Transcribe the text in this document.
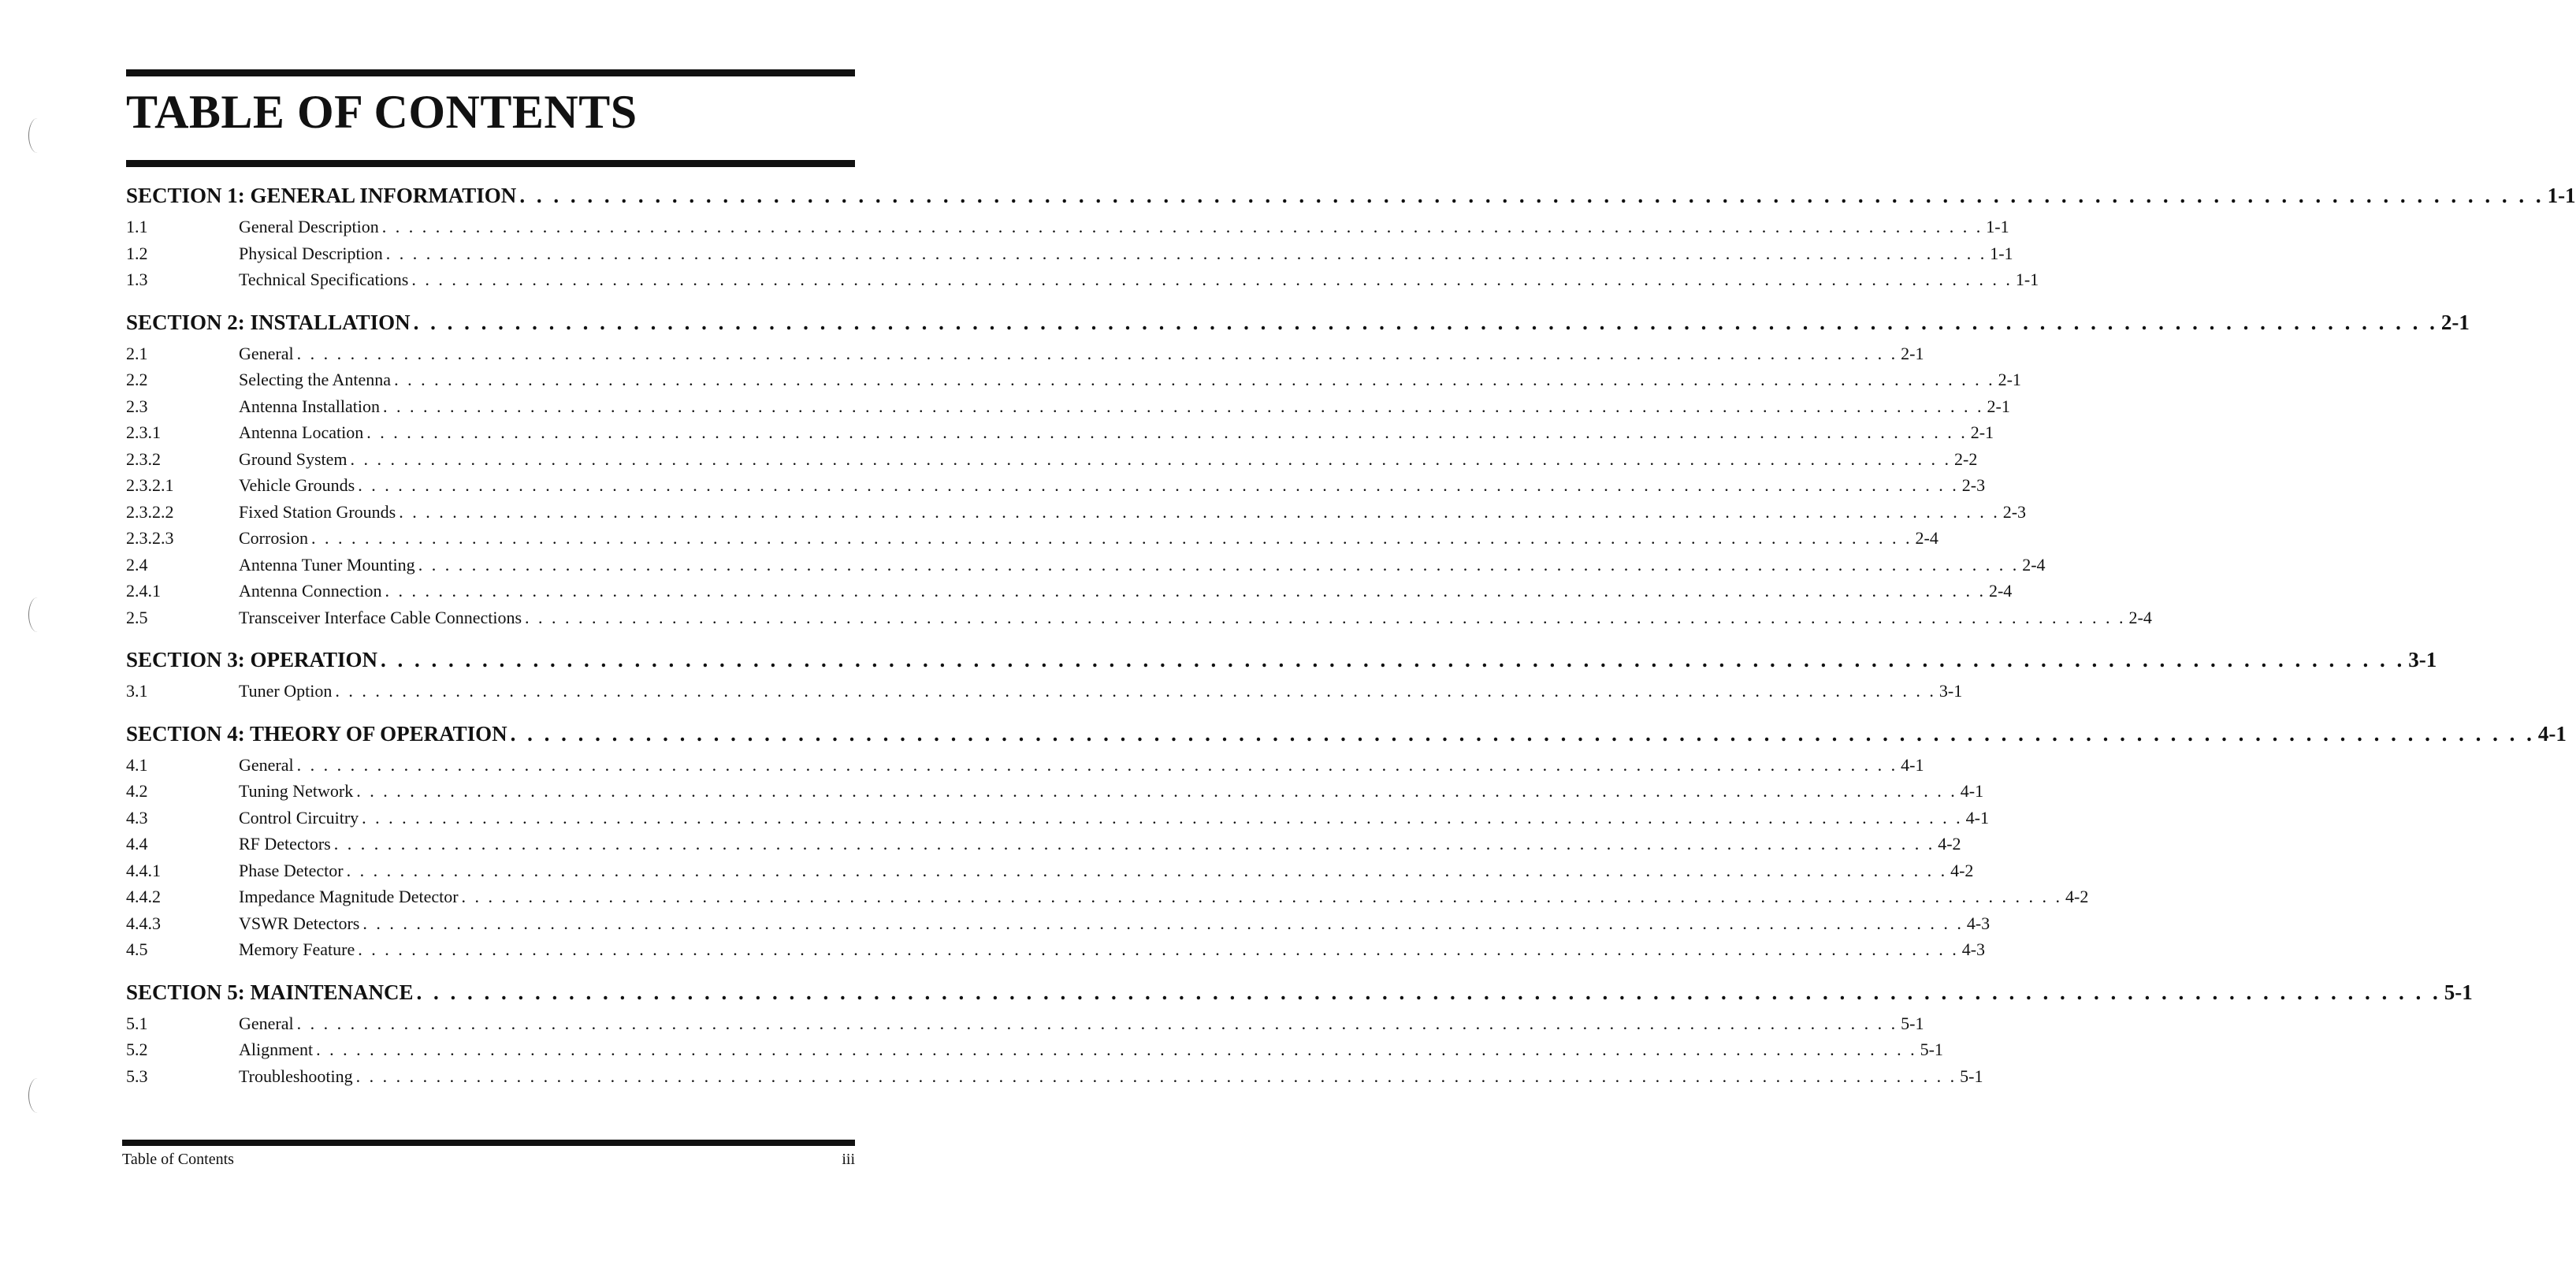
TABLE OF CONTENTS
SECTION 1: GENERAL INFORMATION . . . . . . . . . . . . . . . . . . . . . . . . . . . . . . . . . . . . . . . . . . . . . . . . . . . . . . . . . . . . . . . . . . . . . . . . . . . . . . . . . . . . . . . . . . . . . . . . . . . . . . . . . . . . . . . . . . . . . . . . 1-1
1.1	General Description . . . . . . . . . . . . . . . . . . . . . . . . . . . . . . . . . . . . . . . . . . . . . . . . . . . . . . . . . . . . . . . . . . . . . . . . . . . . . . . . . . . . . . . . . . . . . . . . . . . . . . . . . . . . . . . . . . . . . . . . 1-1
1.2	Physical Description . . . . . . . . . . . . . . . . . . . . . . . . . . . . . . . . . . . . . . . . . . . . . . . . . . . . . . . . . . . . . . . . . . . . . . . . . . . . . . . . . . . . . . . . . . . . . . . . . . . . . . . . . . . . . . . . . . . . . . . . 1-1
1.3	Technical Specifications . . . . . . . . . . . . . . . . . . . . . . . . . . . . . . . . . . . . . . . . . . . . . . . . . . . . . . . . . . . . . . . . . . . . . . . . . . . . . . . . . . . . . . . . . . . . . . . . . . . . . . . . . . . . . . . . . . . . . . . . 1-1
SECTION 2: INSTALLATION . . . . . . . . . . . . . . . . . . . . . . . . . . . . . . . . . . . . . . . . . . . . . . . . . . . . . . . . . . . . . . . . . . . . . . . . . . . . . . . . . . . . . . . . . . . . . . . . . . . . . . . . . . . . . . . . . . . . . . . . 2-1
2.1	General . . . . . . . . . . . . . . . . . . . . . . . . . . . . . . . . . . . . . . . . . . . . . . . . . . . . . . . . . . . . . . . . . . . . . . . . . . . . . . . . . . . . . . . . . . . . . . . . . . . . . . . . . . . . . . . . . . . . . . . . 2-1
2.2	Selecting the Antenna . . . . . . . . . . . . . . . . . . . . . . . . . . . . . . . . . . . . . . . . . . . . . . . . . . . . . . . . . . . . . . . . . . . . . . . . . . . . . . . . . . . . . . . . . . . . . . . . . . . . . . . . . . . . . . . . . . . . . . . . 2-1
2.3	Antenna Installation . . . . . . . . . . . . . . . . . . . . . . . . . . . . . . . . . . . . . . . . . . . . . . . . . . . . . . . . . . . . . . . . . . . . . . . . . . . . . . . . . . . . . . . . . . . . . . . . . . . . . . . . . . . . . . . . . . . . . . . . 2-1
2.3.1	Antenna Location . . . . . . . . . . . . . . . . . . . . . . . . . . . . . . . . . . . . . . . . . . . . . . . . . . . . . . . . . . . . . . . . . . . . . . . . . . . . . . . . . . . . . . . . . . . . . . . . . . . . . . . . . . . . . . . . . . . . . . . . 2-1
2.3.2	Ground System . . . . . . . . . . . . . . . . . . . . . . . . . . . . . . . . . . . . . . . . . . . . . . . . . . . . . . . . . . . . . . . . . . . . . . . . . . . . . . . . . . . . . . . . . . . . . . . . . . . . . . . . . . . . . . . . . . . . . . . . 2-2
2.3.2.1	Vehicle Grounds . . . . . . . . . . . . . . . . . . . . . . . . . . . . . . . . . . . . . . . . . . . . . . . . . . . . . . . . . . . . . . . . . . . . . . . . . . . . . . . . . . . . . . . . . . . . . . . . . . . . . . . . . . . . . . . . . . . . . . . . 2-3
2.3.2.2	Fixed Station Grounds . . . . . . . . . . . . . . . . . . . . . . . . . . . . . . . . . . . . . . . . . . . . . . . . . . . . . . . . . . . . . . . . . . . . . . . . . . . . . . . . . . . . . . . . . . . . . . . . . . . . . . . . . . . . . . . . . . . . . . . . 2-3
2.3.2.3	Corrosion . . . . . . . . . . . . . . . . . . . . . . . . . . . . . . . . . . . . . . . . . . . . . . . . . . . . . . . . . . . . . . . . . . . . . . . . . . . . . . . . . . . . . . . . . . . . . . . . . . . . . . . . . . . . . . . . . . . . . . . . 2-4
2.4	Antenna Tuner Mounting . . . . . . . . . . . . . . . . . . . . . . . . . . . . . . . . . . . . . . . . . . . . . . . . . . . . . . . . . . . . . . . . . . . . . . . . . . . . . . . . . . . . . . . . . . . . . . . . . . . . . . . . . . . . . . . . . . . . . . . . 2-4
2.4.1	Antenna Connection . . . . . . . . . . . . . . . . . . . . . . . . . . . . . . . . . . . . . . . . . . . . . . . . . . . . . . . . . . . . . . . . . . . . . . . . . . . . . . . . . . . . . . . . . . . . . . . . . . . . . . . . . . . . . . . . . . . . . . . . 2-4
2.5	Transceiver Interface Cable Connections . . . . . . . . . . . . . . . . . . . . . . . . . . . . . . . . . . . . . . . . . . . . . . . . . . . . . . . . . . . . . . . . . . . . . . . . . . . . . . . . . . . . . . . . . . . . . . . . . . . . . . . . . . . . . . . . . . . . . . . . 2-4
SECTION 3: OPERATION . . . . . . . . . . . . . . . . . . . . . . . . . . . . . . . . . . . . . . . . . . . . . . . . . . . . . . . . . . . . . . . . . . . . . . . . . . . . . . . . . . . . . . . . . . . . . . . . . . . . . . . . . . . . . . . . . . . . . . . . 3-1
3.1	Tuner Option . . . . . . . . . . . . . . . . . . . . . . . . . . . . . . . . . . . . . . . . . . . . . . . . . . . . . . . . . . . . . . . . . . . . . . . . . . . . . . . . . . . . . . . . . . . . . . . . . . . . . . . . . . . . . . . . . . . . . . . . 3-1
SECTION 4: THEORY OF OPERATION . . . . . . . . . . . . . . . . . . . . . . . . . . . . . . . . . . . . . . . . . . . . . . . . . . . . . . . . . . . . . . . . . . . . . . . . . . . . . . . . . . . . . . . . . . . . . . . . . . . . . . . . . . . . . . . . . . . . . . . . 4-1
4.1	General . . . . . . . . . . . . . . . . . . . . . . . . . . . . . . . . . . . . . . . . . . . . . . . . . . . . . . . . . . . . . . . . . . . . . . . . . . . . . . . . . . . . . . . . . . . . . . . . . . . . . . . . . . . . . . . . . . . . . . . . 4-1
4.2	Tuning Network . . . . . . . . . . . . . . . . . . . . . . . . . . . . . . . . . . . . . . . . . . . . . . . . . . . . . . . . . . . . . . . . . . . . . . . . . . . . . . . . . . . . . . . . . . . . . . . . . . . . . . . . . . . . . . . . . . . . . . . . 4-1
4.3	Control Circuitry . . . . . . . . . . . . . . . . . . . . . . . . . . . . . . . . . . . . . . . . . . . . . . . . . . . . . . . . . . . . . . . . . . . . . . . . . . . . . . . . . . . . . . . . . . . . . . . . . . . . . . . . . . . . . . . . . . . . . . . . 4-1
4.4	RF Detectors . . . . . . . . . . . . . . . . . . . . . . . . . . . . . . . . . . . . . . . . . . . . . . . . . . . . . . . . . . . . . . . . . . . . . . . . . . . . . . . . . . . . . . . . . . . . . . . . . . . . . . . . . . . . . . . . . . . . . . . . 4-2
4.4.1	Phase Detector . . . . . . . . . . . . . . . . . . . . . . . . . . . . . . . . . . . . . . . . . . . . . . . . . . . . . . . . . . . . . . . . . . . . . . . . . . . . . . . . . . . . . . . . . . . . . . . . . . . . . . . . . . . . . . . . . . . . . . . . 4-2
4.4.2	Impedance Magnitude Detector . . . . . . . . . . . . . . . . . . . . . . . . . . . . . . . . . . . . . . . . . . . . . . . . . . . . . . . . . . . . . . . . . . . . . . . . . . . . . . . . . . . . . . . . . . . . . . . . . . . . . . . . . . . . . . . . . . . . . . . . 4-2
4.4.3	VSWR Detectors . . . . . . . . . . . . . . . . . . . . . . . . . . . . . . . . . . . . . . . . . . . . . . . . . . . . . . . . . . . . . . . . . . . . . . . . . . . . . . . . . . . . . . . . . . . . . . . . . . . . . . . . . . . . . . . . . . . . . . . . 4-3
4.5	Memory Feature . . . . . . . . . . . . . . . . . . . . . . . . . . . . . . . . . . . . . . . . . . . . . . . . . . . . . . . . . . . . . . . . . . . . . . . . . . . . . . . . . . . . . . . . . . . . . . . . . . . . . . . . . . . . . . . . . . . . . . . . 4-3
SECTION 5: MAINTENANCE . . . . . . . . . . . . . . . . . . . . . . . . . . . . . . . . . . . . . . . . . . . . . . . . . . . . . . . . . . . . . . . . . . . . . . . . . . . . . . . . . . . . . . . . . . . . . . . . . . . . . . . . . . . . . . . . . . . . . . . . 5-1
5.1	General . . . . . . . . . . . . . . . . . . . . . . . . . . . . . . . . . . . . . . . . . . . . . . . . . . . . . . . . . . . . . . . . . . . . . . . . . . . . . . . . . . . . . . . . . . . . . . . . . . . . . . . . . . . . . . . . . . . . . . . . 5-1
5.2	Alignment . . . . . . . . . . . . . . . . . . . . . . . . . . . . . . . . . . . . . . . . . . . . . . . . . . . . . . . . . . . . . . . . . . . . . . . . . . . . . . . . . . . . . . . . . . . . . . . . . . . . . . . . . . . . . . . . . . . . . . . . 5-1
5.3	Troubleshooting . . . . . . . . . . . . . . . . . . . . . . . . . . . . . . . . . . . . . . . . . . . . . . . . . . . . . . . . . . . . . . . . . . . . . . . . . . . . . . . . . . . . . . . . . . . . . . . . . . . . . . . . . . . . . . . . . . . . . . . . 5-1
Table of Contents	iii
